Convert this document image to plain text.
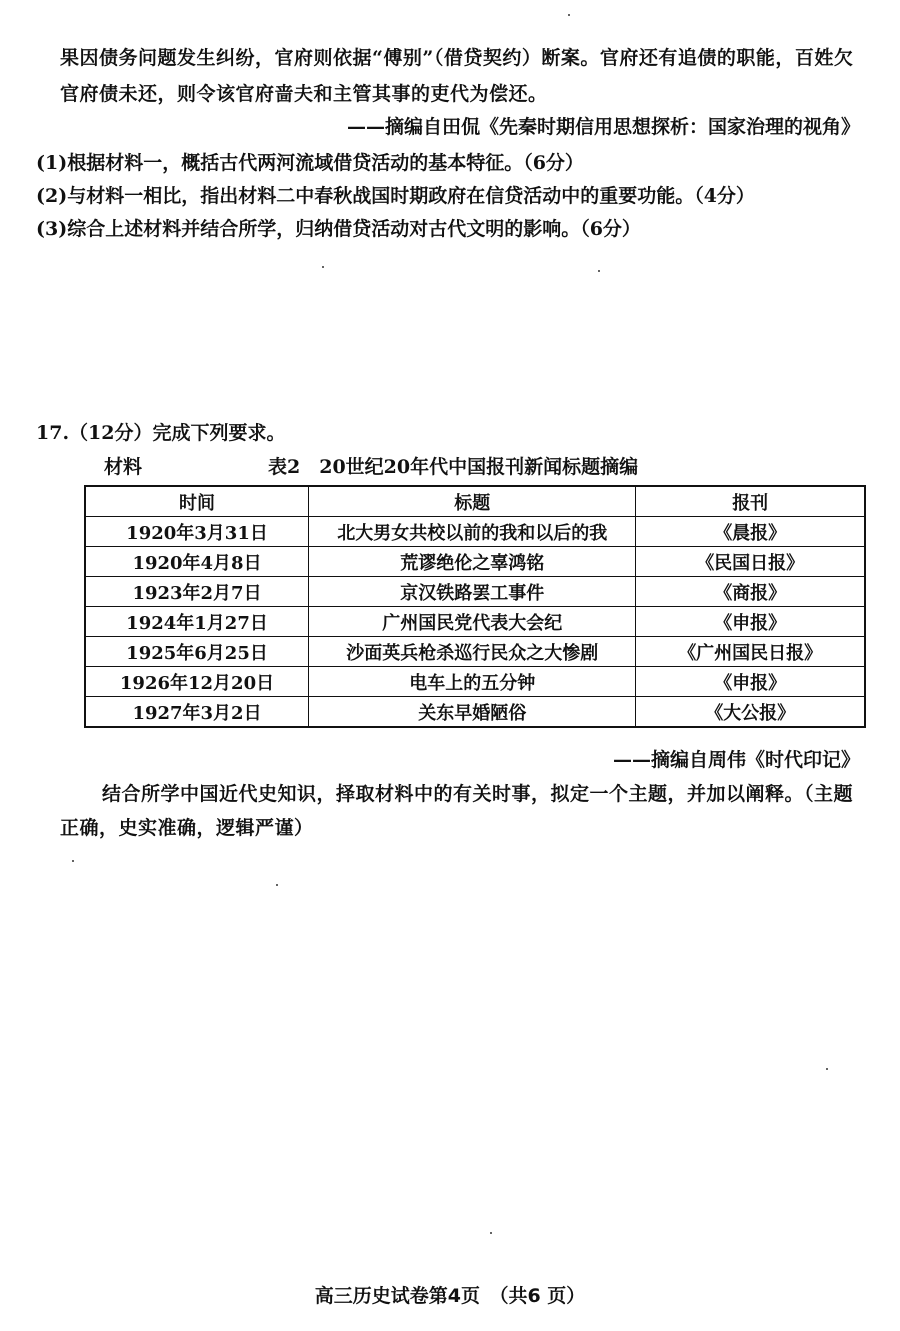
果因债务问题发生纠纷，官府则依据“傅别”（借贷契约）断案。官府还有追债的职能，百姓欠
官府债未还，则令该官府啬夫和主管其事的吏代为偿还。
——摘编自田侃《先秦时期信用思想探析：国家治理的视角》
(1)根据材料一，概括古代两河流域借贷活动的基本特征。（6分）
(2)与材料一相比，指出材料二中春秋战国时期政府在信贷活动中的重要功能。（4分）
(3)综合上述材料并结合所学，归纳借贷活动对古代文明的影响。（6分）
17.（12分）完成下列要求。
材料	表2　20世纪20年代中国报刊新闻标题摘编
时间	标题	报刊
1920年3月31日	北大男女共校以前的我和以后的我	《晨报》
1920年4月8日	荒谬绝伦之辜鸿铭	《民国日报》
1923年2月7日	京汉铁路罢工事件	《商报》
1924年1月27日	广州国民党代表大会纪	《申报》
1925年6月25日	沙面英兵枪杀巡行民众之大惨剧	《广州国民日报》
1926年12月20日	电车上的五分钟	《申报》
1927年3月2日	关东早婚陋俗	《大公报》
——摘编自周伟《时代印记》
结合所学中国近代史知识，择取材料中的有关时事，拟定一个主题，并加以阐释。（主题
正确，史实准确，逻辑严谨）
高三历史试卷第4页　（共6 页）
